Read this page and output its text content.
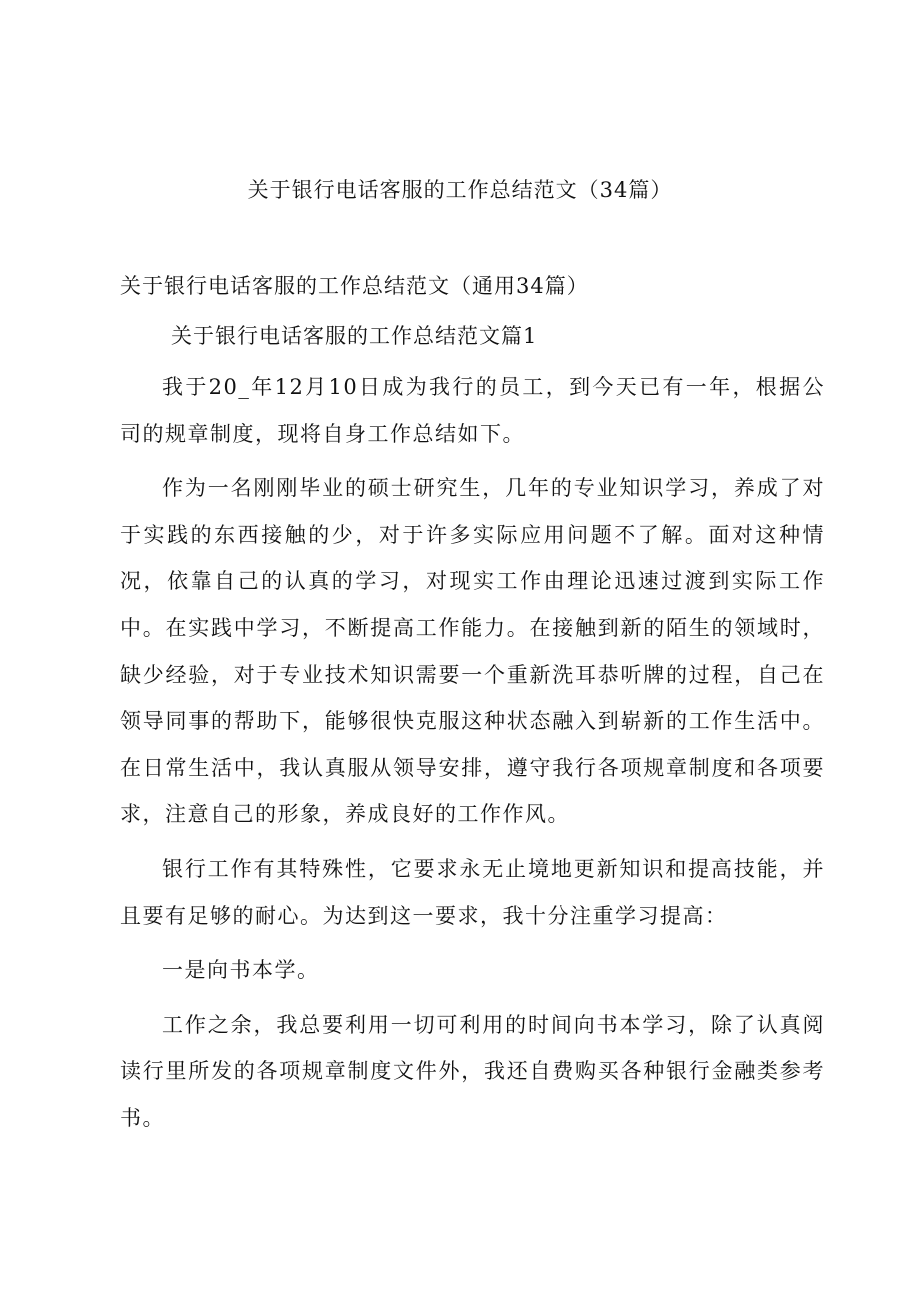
关于银行电话客服的工作总结范文（34篇）
关于银行电话客服的工作总结范文（通用34篇）
关于银行电话客服的工作总结范文篇1

我于20_年12月10日成为我行的员工，到今天已有一年，根据公司的规章制度，现将自身工作总结如下。

作为一名刚刚毕业的硕士研究生，几年的专业知识学习，养成了对于实践的东西接触的少，对于许多实际应用问题不了解。面对这种情况，依靠自己的认真的学习，对现实工作由理论迅速过渡到实际工作中。在实践中学习，不断提高工作能力。在接触到新的陌生的领域时，缺少经验，对于专业技术知识需要一个重新洗耳恭听牌的过程，自己在领导同事的帮助下，能够很快克服这种状态融入到崭新的工作生活中。在日常生活中，我认真服从领导安排，遵守我行各项规章制度和各项要求，注意自己的形象，养成良好的工作作风。

银行工作有其特殊性，它要求永无止境地更新知识和提高技能，并且要有足够的耐心。为达到这一要求，我十分注重学习提高：

一是向书本学。

工作之余，我总要利用一切可利用的时间向书本学习，除了认真阅读行里所发的各项规章制度文件外，我还自费购买各种银行金融类参考书。
